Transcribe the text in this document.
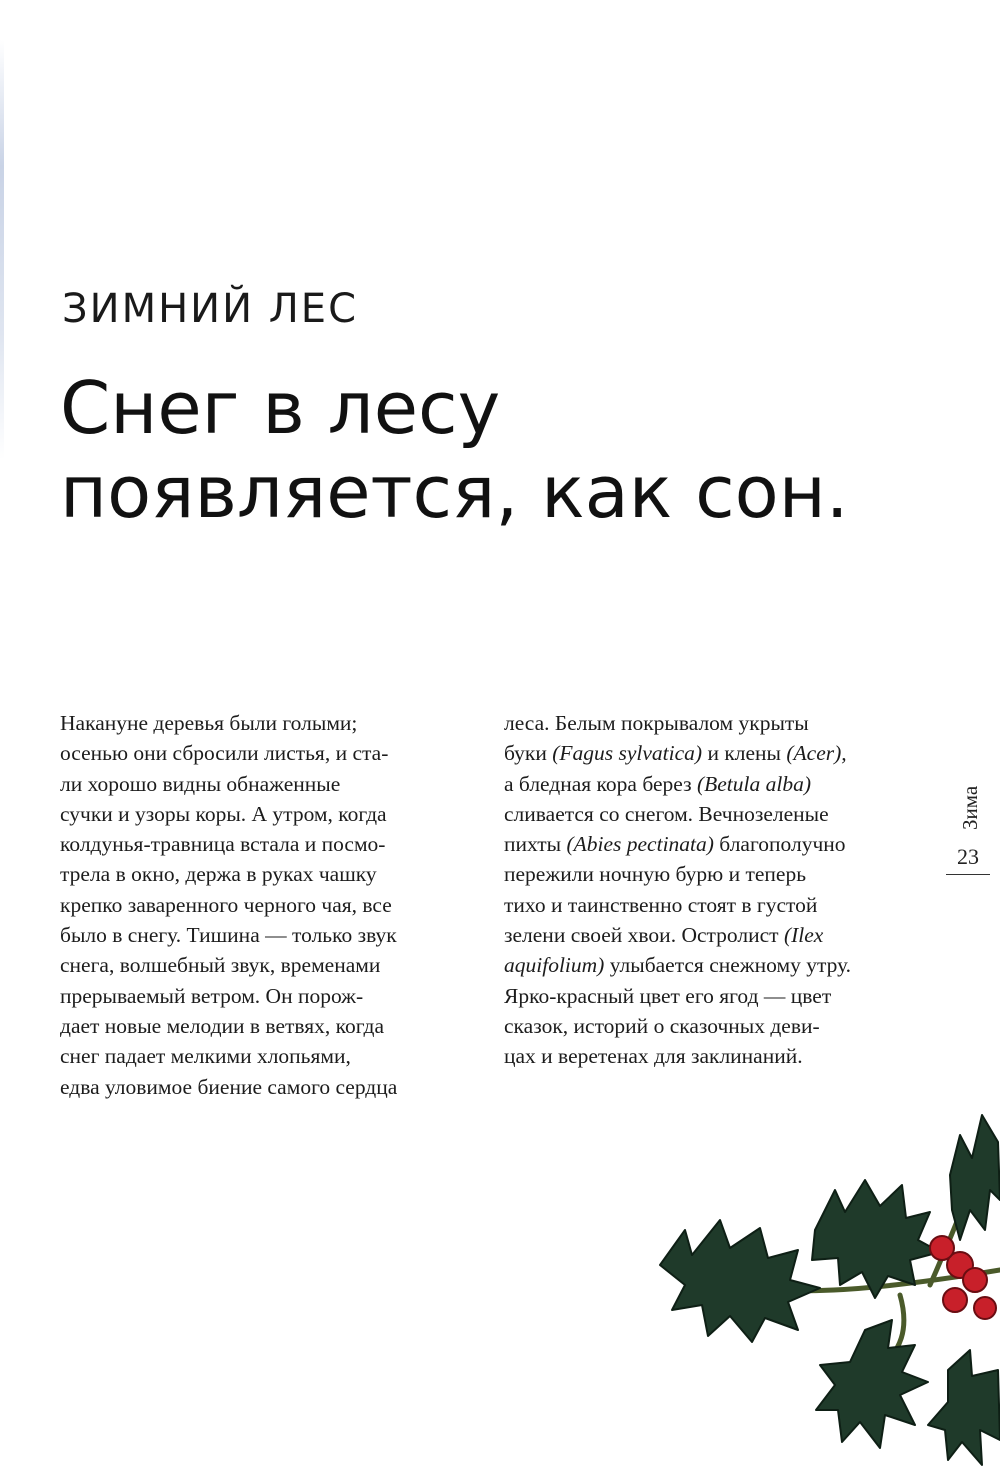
ЗИМНИЙ ЛЕС
Снег в лесу
появляется, как сон.
Накануне деревья были голыми;
осенью они сбросили листья, и ста-
ли хорошо видны обнаженные
сучки и узоры коры. А утром, когда
колдунья-травница встала и посмо-
трела в окно, держа в руках чашку
крепко заваренного черного чая, все
было в снегу. Тишина — только звук
снега, волшебный звук, временами
прерываемый ветром. Он порож-
дает новые мелодии в ветвях, когда
снег падает мелкими хлопьями,
едва уловимое биение самого сердца
леса. Белым покрывалом укрыты
буки (Fagus sylvatica) и клены (Acer),
а бледная кора берез (Betula alba)
сливается со снегом. Вечнозеленые
пихты (Abies pectinata) благополучно
пережили ночную бурю и теперь
тихо и таинственно стоят в густой
зелени своей хвои. Остролист (Ilex
aquifolium) улыбается снежному утру.
Ярко-красный цвет его ягод — цвет
сказок, историй о сказочных деви-
цах и веретенах для заклинаний.
Зима
23
